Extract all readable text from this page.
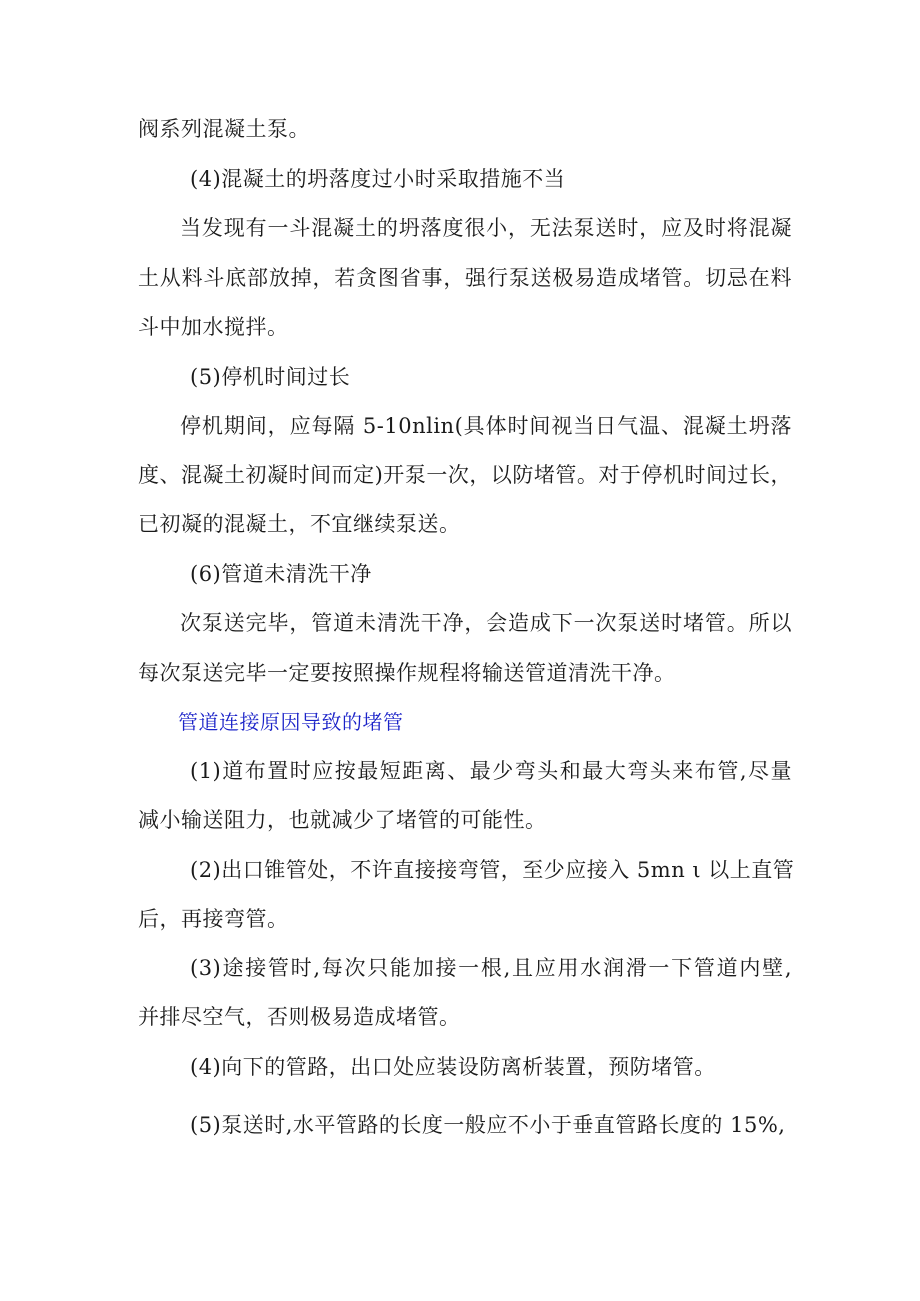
阀系列混凝土泵。
(4)混凝土的坍落度过小时采取措施不当
当发现有一斗混凝土的坍落度很小，无法泵送时，应及时将混凝
土从料斗底部放掉，若贪图省事，强行泵送极易造成堵管。切忌在料
斗中加水搅拌。
(5)停机时间过长
停机期间，应每隔 5-10nlin(具体时间视当日气温、混凝土坍落
度、混凝土初凝时间而定)开泵一次，以防堵管。对于停机时间过长，
已初凝的混凝土，不宜继续泵送。
(6)管道未清洗干净
次泵送完毕，管道未清洗干净，会造成下一次泵送时堵管。所以
每次泵送完毕一定要按照操作规程将输送管道清洗干净。
管道连接原因导致的堵管
(1)道布置时应按最短距离、最少弯头和最大弯头来布管,尽量
减小输送阻力，也就减少了堵管的可能性。
(2)出口锥管处，不许直接接弯管，至少应接入 5mn ι 以上直管
后，再接弯管。
(3)途接管时,每次只能加接一根,且应用水润滑一下管道内壁,
并排尽空气，否则极易造成堵管。
(4)向下的管路，出口处应装设防离析装置，预防堵管。
(5)泵送时,水平管路的长度一般应不小于垂直管路长度的 15%,
